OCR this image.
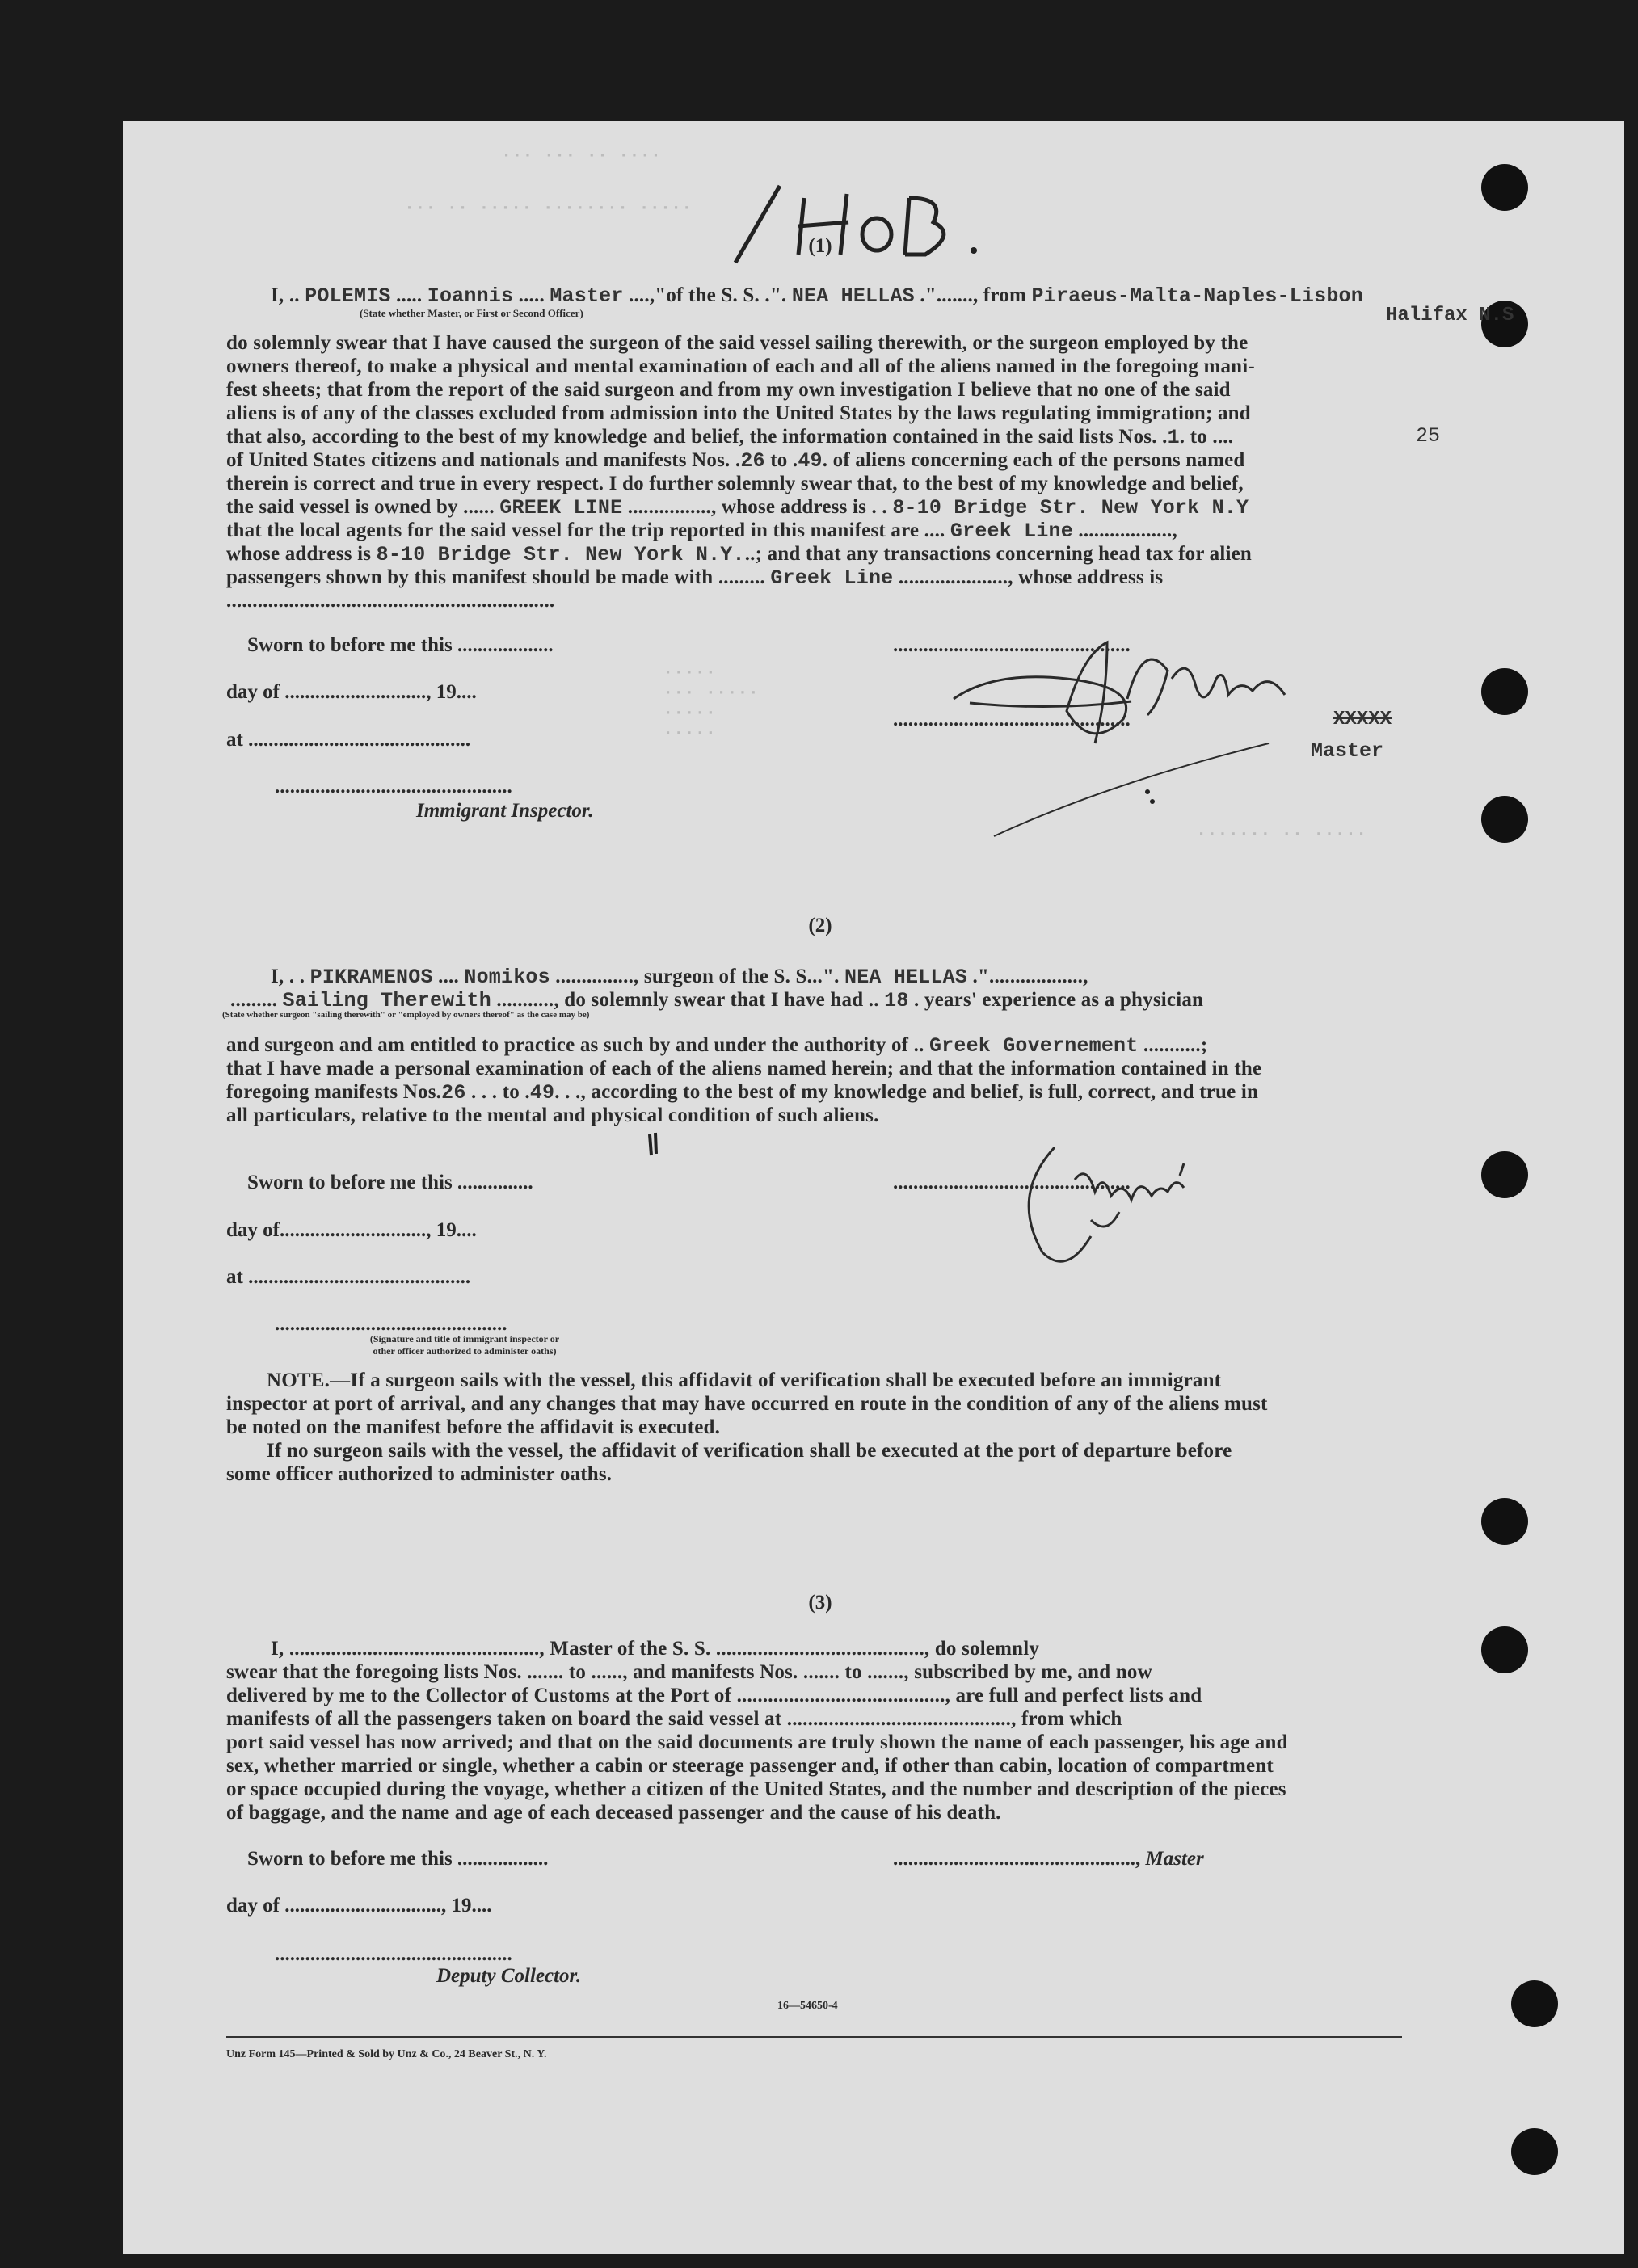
··· ··· ·· ····
··· ·· ····· ········ ·····
·····
··· ·····
·····
·····
······· ·· ·····
(1)
I, .. POLEMIS ..... Ioannis ..... Master ....,"of the S. S. .". NEA HELLAS ."......., from Piraeus-Malta-Naples-Lisbon
Halifax N.S
(State whether Master, or First or Second Officer)
do solemnly swear that I have caused the surgeon of the said vessel sailing therewith, or the surgeon employed by the
owners thereof, to make a physical and mental examination of each and all of the aliens named in the foregoing mani-
fest sheets; that from the report of the said surgeon and from my own investigation I believe that no one of the said
aliens is of any of the classes excluded from admission into the United States by the laws regulating immigration; and
that also, according to the best of my knowledge and belief, the information contained in the said lists Nos. .1. to ....	25
of United States citizens and nationals and manifests Nos. .26 to .49. of aliens concerning each of the persons named
therein is correct and true in every respect. I do further solemnly swear that, to the best of my knowledge and belief,
the said vessel is owned by ...... GREEK LINE ................, whose address is . . 8-10 Bridge Str. New York N.Y
that the local agents for the said vessel for the trip reported in this manifest are .... Greek Line ..................,
whose address is 8-10 Bridge Str. New York N.Y...; and that any transactions concerning head tax for alien
passengers shown by this manifest should be made with ......... Greek Line ....................., whose address is
...............................................................
Sworn to before me this ...................
day of ............................, 19....
at ............................................
...............................................
Immigrant Inspector.
...............................................
...............................................	XXXXX
Master
(2)
I, . . PIKRAMENOS .... Nomikos ..............., surgeon of the S. S...". NEA HELLAS ."..................,
......... Sailing Therewith ..........., do solemnly swear that I have had .. 18 . years' experience as a physician
(State whether surgeon "sailing therewith" or "employed by owners thereof" as the case may be)
and surgeon and am entitled to practice as such by and under the authority of .. Greek Governement ...........;
that I have made a personal examination of each of the aliens named herein; and that the information contained in the
foregoing manifests Nos.26 . . . to .49. . ., according to the best of my knowledge and belief, is full, correct, and true in
all particulars, relative to the mental and physical condition of such aliens.
Sworn to before me this ...............
day of............................., 19....
at ............................................
..............................................
(Signature and title of immigrant inspector or
other officer authorized to administer oaths)
...............................................
NOTE.—If a surgeon sails with the vessel, this affidavit of verification shall be executed before an immigrant
inspector at port of arrival, and any changes that may have occurred en route in the condition of any of the aliens must
be noted on the manifest before the affidavit is executed.
If no surgeon sails with the vessel, the affidavit of verification shall be executed at the port of departure before
some officer authorized to administer oaths.
(3)
I, ................................................, Master of the S. S. ........................................, do solemnly
swear that the foregoing lists Nos. ....... to ......, and manifests Nos. ....... to ......., subscribed by me, and now
delivered by me to the Collector of Customs at the Port of ........................................, are full and perfect lists and
manifests of all the passengers taken on board the said vessel at ..........................................., from which
port said vessel has now arrived; and that on the said documents are truly shown the name of each passenger, his age and
sex, whether married or single, whether a cabin or steerage passenger and, if other than cabin, location of compartment
or space occupied during the voyage, whether a citizen of the United States, and the number and description of the pieces
of baggage, and the name and age of each deceased passenger and the cause of his death.
Sworn to before me this ..................	................................................, Master
day of ..............................., 19....
...............................................
Deputy Collector.
16—54650-4
Unz Form 145—Printed & Sold by Unz & Co., 24 Beaver St., N. Y.
